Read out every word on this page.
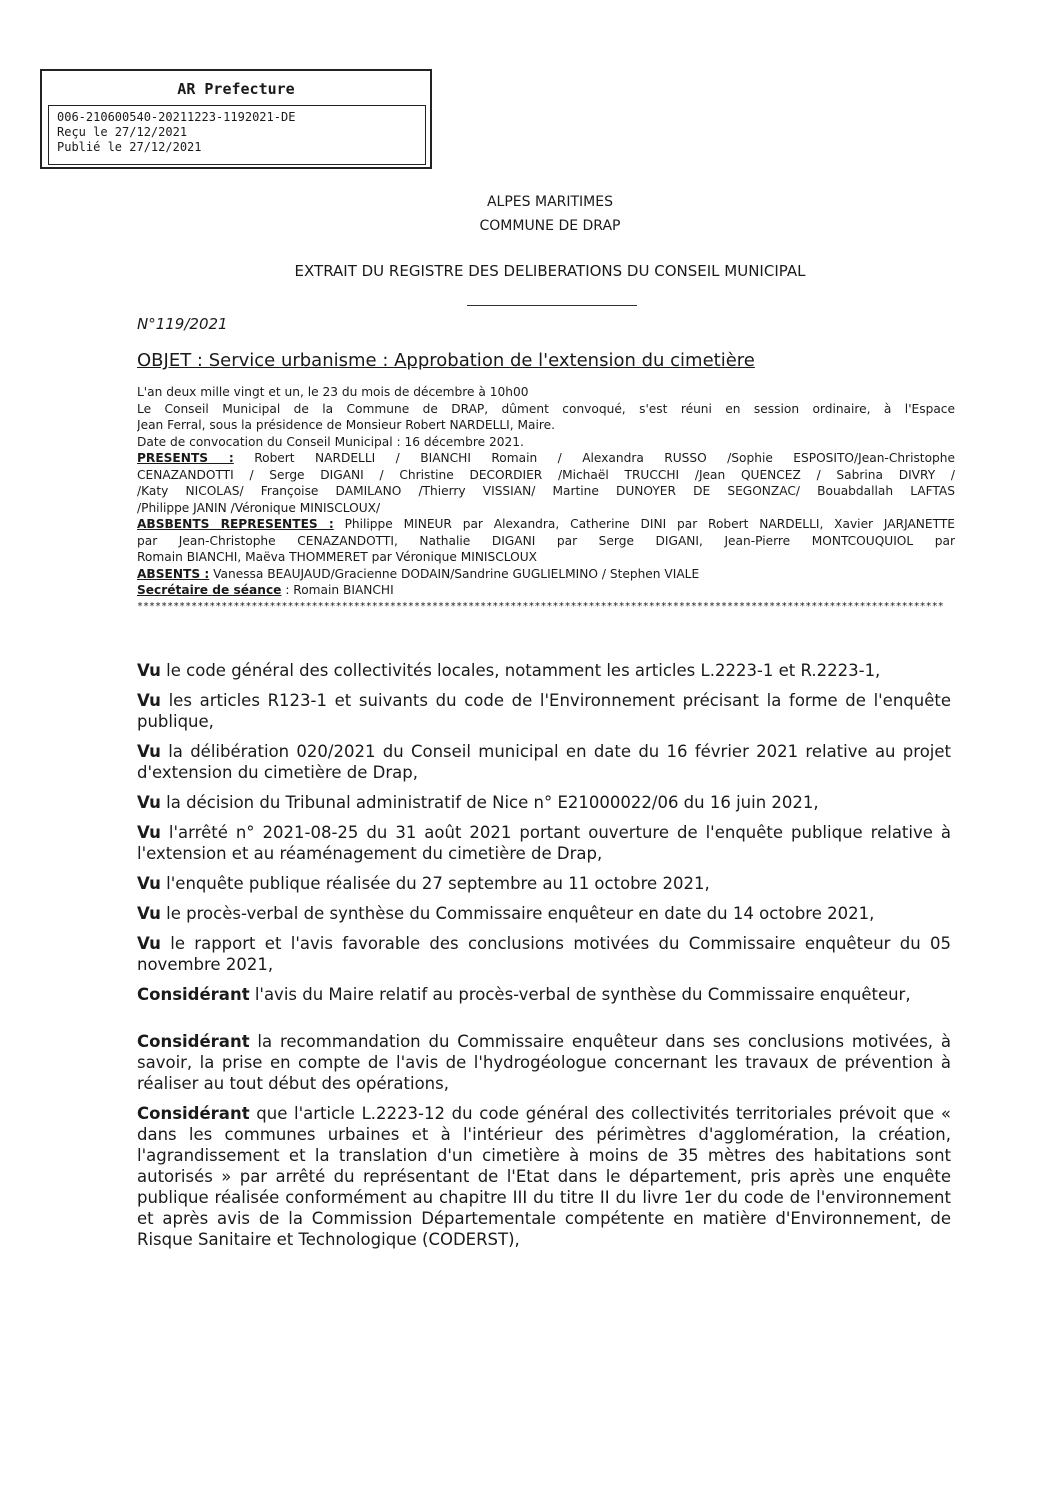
AR Prefecture
006-210600540-20211223-1192021-DE
Reçu le 27/12/2021
Publié le 27/12/2021
ALPES MARITIMES
COMMUNE DE DRAP
EXTRAIT DU REGISTRE DES DELIBERATIONS DU CONSEIL MUNICIPAL
N°119/2021
OBJET : Service urbanisme : Approbation de l'extension du cimetière
L'an deux mille vingt et un, le 23 du mois de décembre à 10h00
Le Conseil Municipal de la Commune de DRAP, dûment convoqué, s'est réuni en session ordinaire, à l'Espace
Jean Ferral, sous la présidence de Monsieur Robert NARDELLI, Maire.
Date de convocation du Conseil Municipal : 16 décembre 2021.
PRESENTS : Robert NARDELLI / BIANCHI Romain / Alexandra RUSSO /Sophie ESPOSITO/Jean-Christophe
CENAZANDOTTI / Serge DIGANI / Christine DECORDIER /Michaël TRUCCHI /Jean QUENCEZ / Sabrina DIVRY /
/Katy NICOLAS/ Françoise DAMILANO /Thierry VISSIAN/ Martine DUNOYER DE SEGONZAC/ Bouabdallah LAFTAS
/Philippe JANIN /Véronique MINISCLOUX/
ABSBENTS REPRESENTES : Philippe MINEUR par Alexandra, Catherine DINI par Robert NARDELLI, Xavier JARJANETTE
par Jean-Christophe CENAZANDOTTI, Nathalie DIGANI par Serge DIGANI, Jean-Pierre MONTCOUQUIOL par
Romain BIANCHI, Maëva THOMMERET par Véronique MINISCLOUX
ABSENTS : Vanessa BEAUJAUD/Gracienne DODAIN/Sandrine GUGLIELMINO / Stephen VIALE
Secrétaire de séance : Romain BIANCHI
**************************************************************************************************************************************

Vu le code général des collectivités locales, notamment les articles L.2223-1 et R.2223-1,

Vu les articles R123-1 et suivants du code de l'Environnement précisant la forme de l'enquête publique,

Vu la délibération 020/2021 du Conseil municipal en date du 16 février 2021 relative au projet d'extension du cimetière de Drap,

Vu la décision du Tribunal administratif de Nice n° E21000022/06 du 16 juin 2021,

Vu l'arrêté n° 2021-08-25 du 31 août 2021 portant ouverture de l'enquête publique relative à l'extension et au réaménagement du cimetière de Drap,

Vu l'enquête publique réalisée du 27 septembre au 11 octobre 2021,

Vu le procès-verbal de synthèse du Commissaire enquêteur en date du 14 octobre 2021,

Vu le rapport et l'avis favorable des conclusions motivées du Commissaire enquêteur du 05 novembre 2021,

Considérant l'avis du Maire relatif au procès-verbal de synthèse du Commissaire enquêteur,

Considérant la recommandation du Commissaire enquêteur dans ses conclusions motivées, à savoir, la prise en compte de l'avis de l'hydrogéologue concernant les travaux de prévention à réaliser au tout début des opérations,

Considérant que l'article L.2223-12 du code général des collectivités territoriales prévoit que « dans les communes urbaines et à l'intérieur des périmètres d'agglomération, la création, l'agrandissement et la translation d'un cimetière à moins de 35 mètres des habitations sont autorisés » par arrêté du représentant de l'Etat dans le département, pris après une enquête publique réalisée conformément au chapitre III du titre II du livre 1er du code de l'environnement et après avis de la Commission Départementale compétente en matière d'Environnement, de Risque Sanitaire et Technologique (CODERST),
